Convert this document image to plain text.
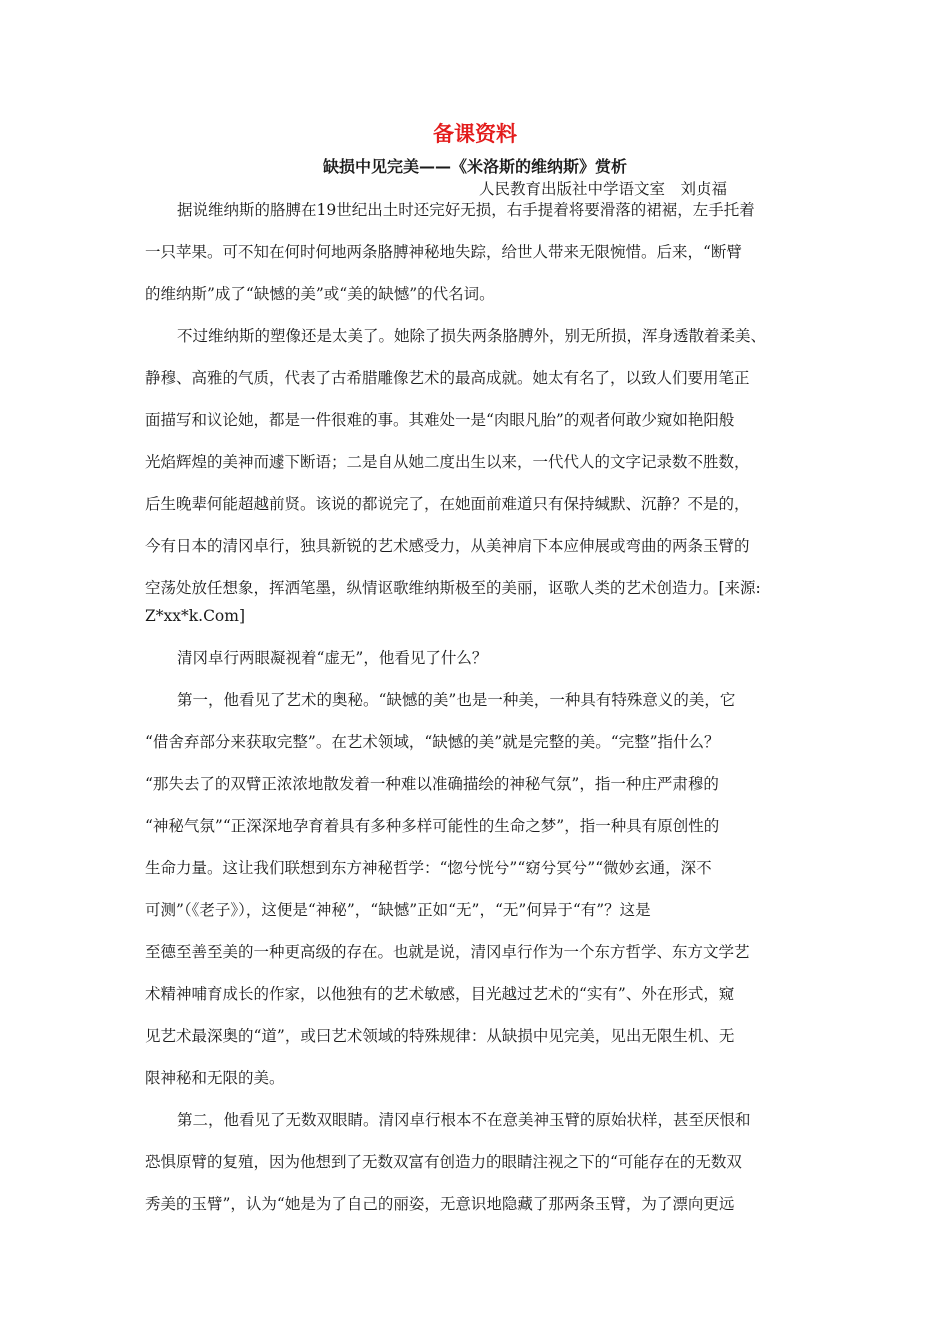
备课资料
缺损中见完美——《米洛斯的维纳斯》赏析
人民教育出版社中学语文室　刘贞福
据说维纳斯的胳膊在19世纪出土时还完好无损，右手提着将要滑落的裙裾，左手托着
一只苹果。可不知在何时何地两条胳膊神秘地失踪，给世人带来无限惋惜。后来，“断臂
的维纳斯”成了“缺憾的美”或“美的缺憾”的代名词。
不过维纳斯的塑像还是太美了。她除了损失两条胳膊外，别无所损，浑身透散着柔美、
静穆、高雅的气质，代表了古希腊雕像艺术的最高成就。她太有名了，以致人们要用笔正
面描写和议论她，都是一件很难的事。其难处一是“肉眼凡胎”的观者何敢少窥如艳阳般
光焰辉煌的美神而遽下断语；二是自从她二度出生以来，一代代人的文字记录数不胜数，
后生晚辈何能超越前贤。该说的都说完了，在她面前难道只有保持缄默、沉静？不是的，
今有日本的清冈卓行，独具新锐的艺术感受力，从美神肩下本应伸展或弯曲的两条玉臂的
空荡处放任想象，挥洒笔墨，纵情讴歌维纳斯极至的美丽，讴歌人类的艺术创造力。[来源:
Z*xx*k.Com]
清冈卓行两眼凝视着“虚无”，他看见了什么？
第一，他看见了艺术的奥秘。“缺憾的美”也是一种美，一种具有特殊意义的美，它
“借舍弃部分来获取完整”。在艺术领域，“缺憾的美”就是完整的美。“完整”指什么？
“那失去了的双臂正浓浓地散发着一种难以准确描绘的神秘气氛”，指一种庄严肃穆的
“神秘气氛”“正深深地孕育着具有多种多样可能性的生命之梦”，指一种具有原创性的
生命力量。这让我们联想到东方神秘哲学：“惚兮恍兮”“窈兮冥兮”“微妙玄通，深不
可测”（《老子》），这便是“神秘”，“缺憾”正如“无”，“无”何异于“有”？这是
至德至善至美的一种更高级的存在。也就是说，清冈卓行作为一个东方哲学、东方文学艺
术精神哺育成长的作家，以他独有的艺术敏感，目光越过艺术的“实有”、外在形式，窥
见艺术最深奥的“道”，或曰艺术领域的特殊规律：从缺损中见完美，见出无限生机、无
限神秘和无限的美。
第二，他看见了无数双眼睛。清冈卓行根本不在意美神玉臂的原始状样，甚至厌恨和
恐惧原臂的复殖，因为他想到了无数双富有创造力的眼睛注视之下的“可能存在的无数双
秀美的玉臂”，认为“她是为了自己的丽姿，无意识地隐藏了那两条玉臂，为了漂向更远
